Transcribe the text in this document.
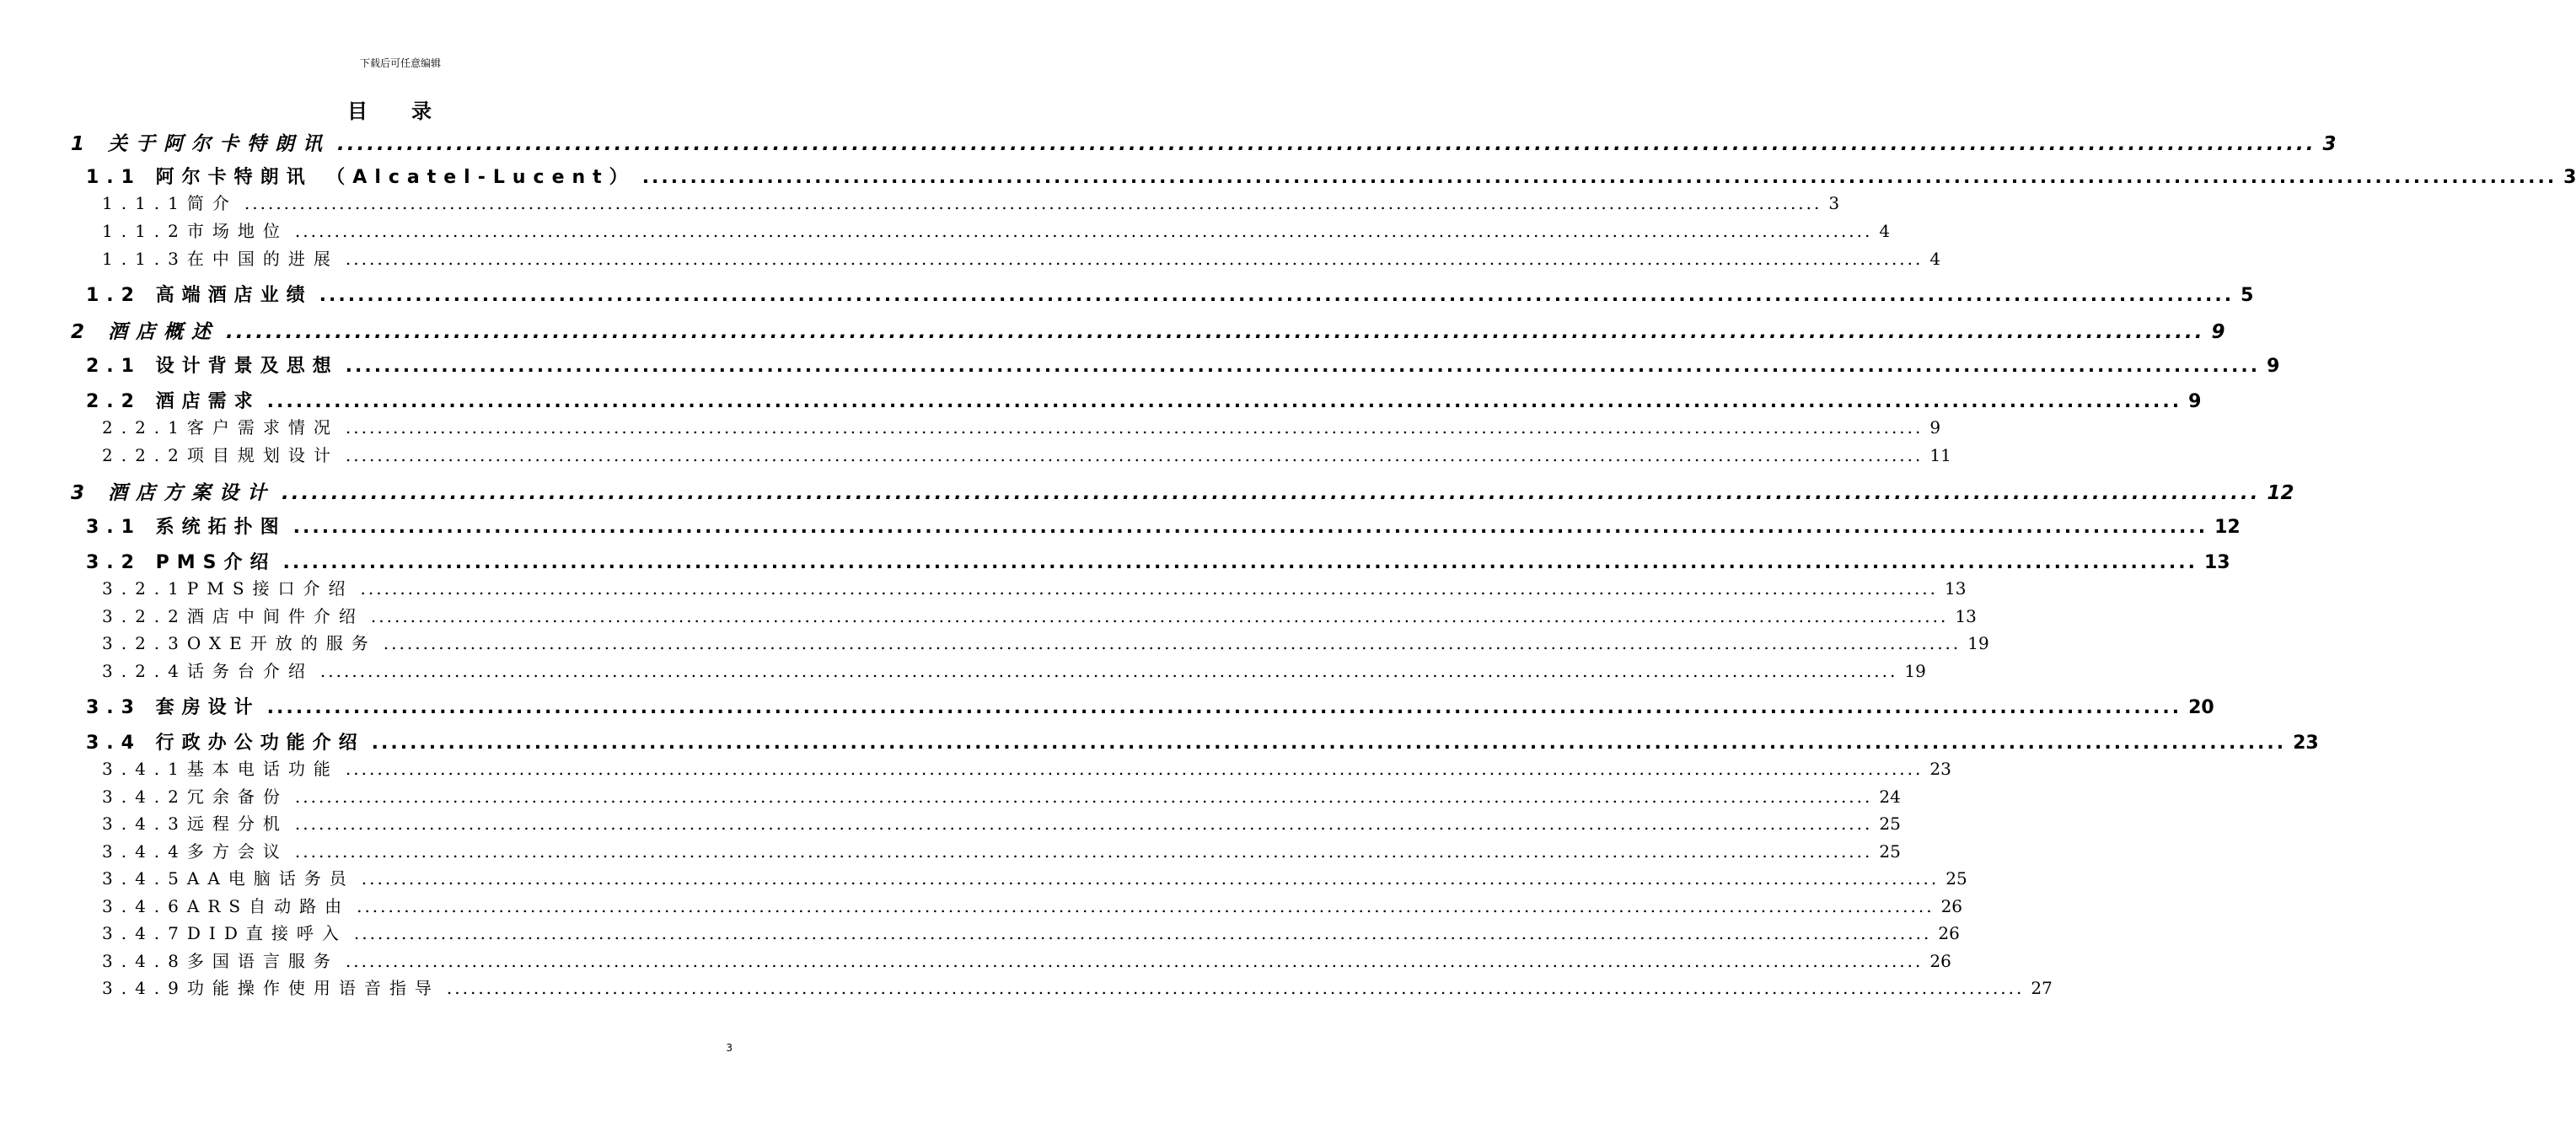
下载后可任意编辑
目录
1 关于阿尔卡特朗讯 ........................................................................................................................................................................................................ 3
1.1 阿尔卡特朗讯 （Alcatel-Lucent） ........................................................................................................................................................................................................ 3
1.1.1简介 ........................................................................................................................................................................................................ 3
1.1.2市场地位 ........................................................................................................................................................................................................ 4
1.1.3在中国的进展 ........................................................................................................................................................................................................ 4
1.2 高端酒店业绩 ........................................................................................................................................................................................................ 5
2 酒店概述 ........................................................................................................................................................................................................ 9
2.1 设计背景及思想 ........................................................................................................................................................................................................ 9
2.2 酒店需求 ........................................................................................................................................................................................................ 9
2.2.1客户需求情况 ........................................................................................................................................................................................................ 9
2.2.2项目规划设计 ........................................................................................................................................................................................................ 11
3 酒店方案设计 ........................................................................................................................................................................................................ 12
3.1 系统拓扑图 ........................................................................................................................................................................................................ 12
3.2 PMS介绍 ........................................................................................................................................................................................................ 13
3.2.1PMS接口介绍 ........................................................................................................................................................................................................ 13
3.2.2酒店中间件介绍 ........................................................................................................................................................................................................ 13
3.2.3OXE开放的服务 ........................................................................................................................................................................................................ 19
3.2.4话务台介绍 ........................................................................................................................................................................................................ 19
3.3 套房设计 ........................................................................................................................................................................................................ 20
3.4 行政办公功能介绍 ........................................................................................................................................................................................................ 23
3.4.1基本电话功能 ........................................................................................................................................................................................................ 23
3.4.2冗余备份 ........................................................................................................................................................................................................ 24
3.4.3远程分机 ........................................................................................................................................................................................................ 25
3.4.4多方会议 ........................................................................................................................................................................................................ 25
3.4.5AA电脑话务员 ........................................................................................................................................................................................................ 25
3.4.6ARS自动路由 ........................................................................................................................................................................................................ 26
3.4.7DID直接呼入 ........................................................................................................................................................................................................ 26
3.4.8多国语言服务 ........................................................................................................................................................................................................ 26
3.4.9功能操作使用语音指导 ........................................................................................................................................................................................................ 27
3
